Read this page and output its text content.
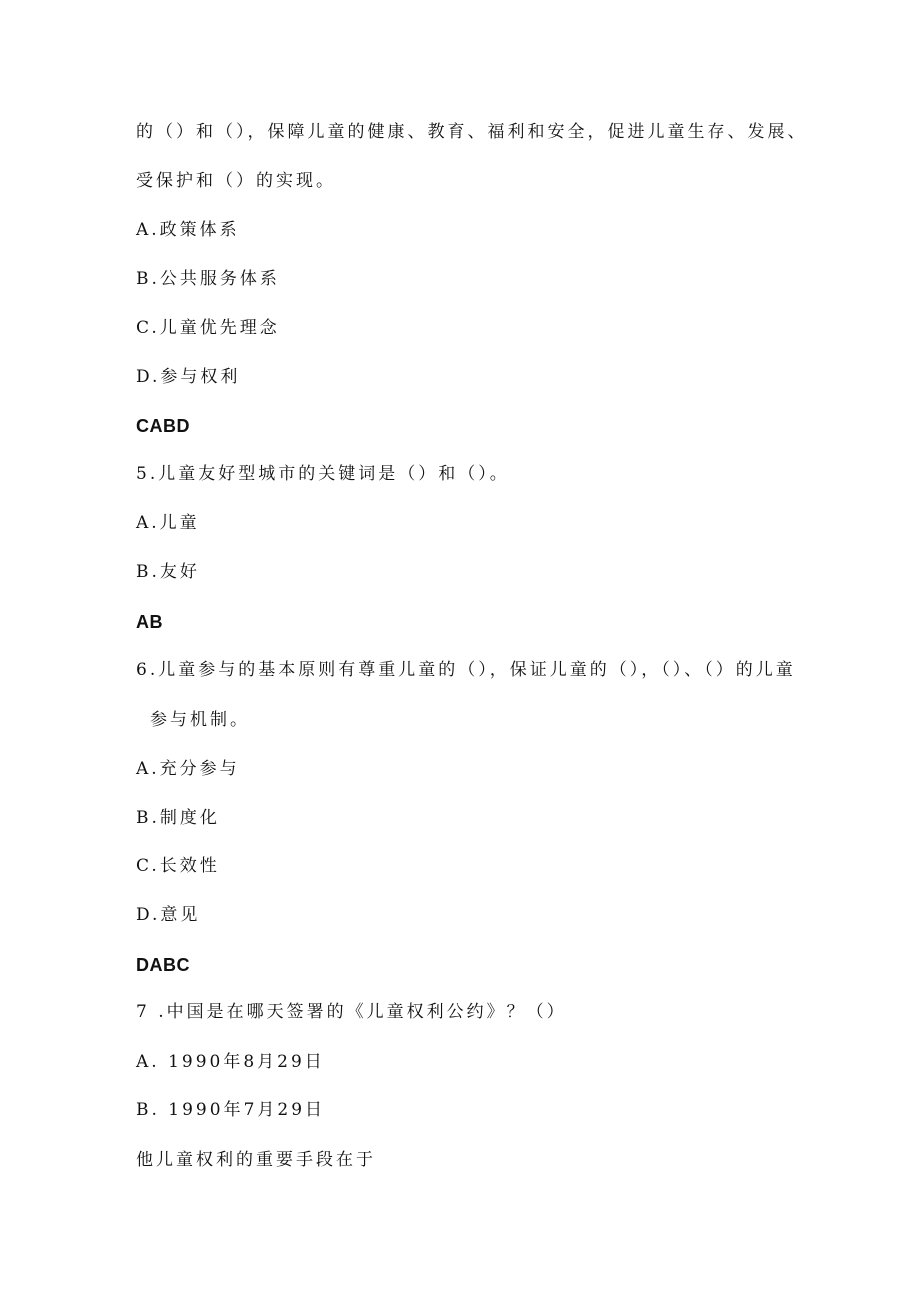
的（）和（），保障儿童的健康、教育、福利和安全，促进儿童生存、发展、
受保护和（）的实现。
A.政策体系
B.公共服务体系
C.儿童优先理念
D.参与权利
CABD
5.儿童友好型城市的关键词是（）和（）。
A.儿童
B.友好
AB
6.儿童参与的基本原则有尊重儿童的（），保证儿童的（），（）、（）的儿童
参与机制。
A.充分参与
B.制度化
C.长效性
D.意见
DABC
7 .中国是在哪天签署的《儿童权利公约》？（）
A. 1990年8月29日
B. 1990年7月29日
他儿童权利的重要手段在于
